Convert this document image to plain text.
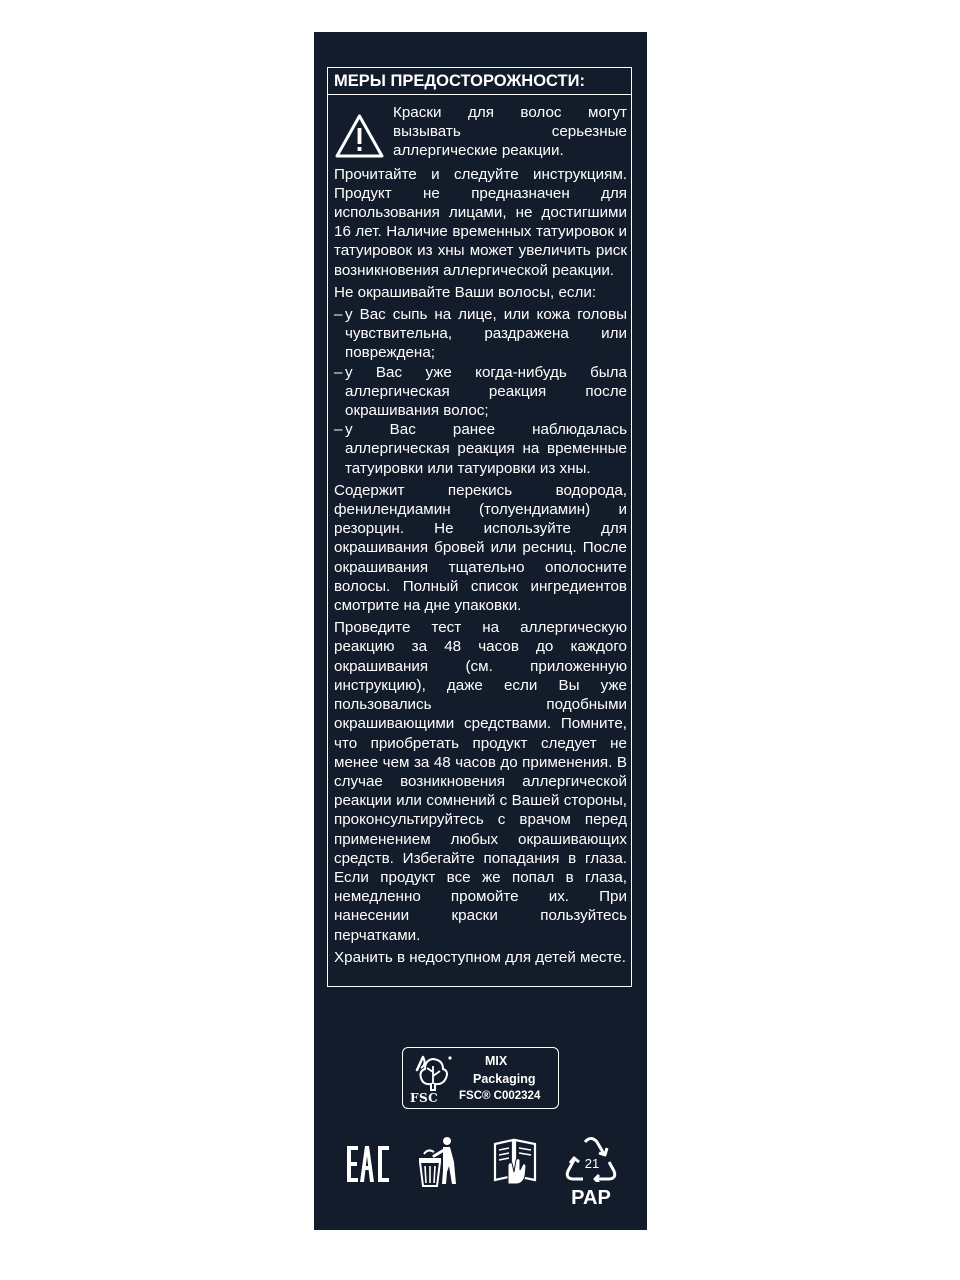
МЕРЫ ПРЕДОСТОРОЖНОСТИ:

Краски для волос могут вызывать серьезные аллергические реакции.

Прочитайте и следуйте инструкциям. Продукт не предназначен для использования лицами, не достигшими 16 лет. Наличие временных татуировок и татуировок из хны может увеличить риск возникновения аллергической реакции.

Не окрашивайте Ваши волосы, если:

– у Вас сыпь на лице, или кожа головы чувствительна, раздражена или повреждена;
– у Вас уже когда-нибудь была аллергическая реакция после окрашивания волос;
– у Вас ранее наблюдалась аллергическая реакция на временные татуировки или татуировки из хны.

Содержит перекись водорода, фенилендиамин (толуендиамин) и резорцин. Не используйте для окрашивания бровей или ресниц. После окрашивания тщательно ополосните волосы. Полный список ингредиентов смотрите на дне упаковки.

Проведите тест на аллергическую реакцию за 48 часов до каждого окрашивания (см. приложенную инструкцию), даже если Вы уже пользовались подобными окрашивающими средствами. Помните, что приобретать продукт следует не менее чем за 48 часов до применения. В случае возникновения аллергической реакции или сомнений с Вашей стороны, проконсультируйтесь с врачом перед применением любых окрашивающих средств. Избегайте попадания в глаза. Если продукт все же попал в глаза, немедленно промойте их. При нанесении краски пользуйтесь перчатками.

Хранить в недоступном для детей месте.

FSC
MIX
Packaging
FSC® C002324
21
PAP
